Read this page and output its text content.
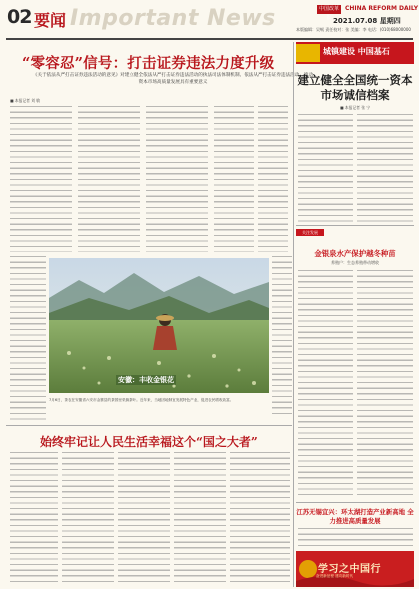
02 要闻 Important News	中国改革报
CHINA REFORM DAILY
2021.07.08 星期四
本版编辑：吴岷 责任校对：张 美编：李 电话：(010)68000000
“零容忍”信号：打击证券违法力度升级
《关于依法从严打击证券违法活动的意见》对建立健全依法从严打击证券违法活动的执法司法体制机制、依法从严打击证券违法活动、推动资本市场高质量发展具有重要意义
■ 本报记者 刘 敏
安徽：丰收金银花
7月6日，茶农在安徽省六安市金寨县的茶园里采摘茶叶。近年来，当地因地制宜发展特色产业，促进农民增收致富。
始终牢记让人民生活幸福这个“国之大者”
城镇建设 中国基石
建立健全全国统一资本市场诚信档案
■ 本报记者 张 宁
关注发展
金银泉水产保护越冬种苗
养殖户：生态养殖带动增收
江苏无锡宜兴：环太湖打造产业新高地 全力推进高质量发展
学习之中国行
奋进新征程 建功新时代
